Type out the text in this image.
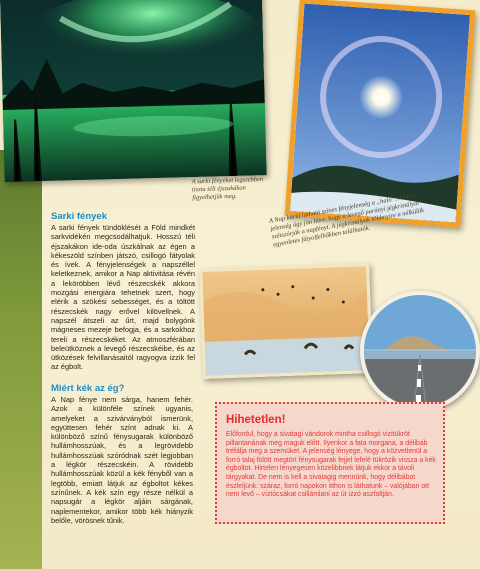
A sarki fényeket legszebben tiszta téli éjszakákon figyelhetjük meg.	A Nap körül látható színes fényjelenség a „halo”. A halo-jelenség úgy jön létre, hogy a levegő parányi jégkristályai szétszórják a napfényt. A jégkristályok többnyire a nélkülük egyenletes fátyolfelhőkben találhatók.
Sarki fények
A sarki fények tündöklését a Föld mindkét sarkvidékén megcsodálhatjuk. Hosszú téli éjszakákon ide-oda úszkálnak az égen a kékeszöld színben játszó, csillogó fátyolak és ívek. A fényjelenségek a napszéllel keletkeznek, amikor a Nap aktivitása révén a leköröbben lévő részecskék akkora mozgási energiára tehetnek szert, hogy elérik a szökési sebességet, és a töltött részecskék nagy erővel kilövellnek. A napszél átszeli az űrt, majd bolygónk mágneses mezeje befogja, és a sarkokhoz tereli a részecskéket. Az atmoszférában beleütköznek a levegő részecskéibe, és az ütközések felvillanásaitól ragyogva izzik fel az égbolt.
Miért kék az ég?
A Nap fénye nem sárga, hanem fehér. Azok a különféle színek ugyanis, amelyeket a szivárványból ismerünk, együttesen fehér színt adnak ki. A különböző színű fénysugarak különböző hullámhosszúak, és a legrövidebb hullámhosszúak szóródnak szét legjobban a légkör részecskéin. A rövidebb hullámhosszúak közül a kék fényből van a legtöbb, emiatt látjuk az égboltot kékes színűnek. A kék szín egy része nélkül a napsugár a légkör aljáin sárgának, naplementekor, amikor több kék hiányzik belőle, vörösnek tűnik.
Hihetetlen!
Előfordul, hogy a sivatagi vándorok mintha csillogó vizitükröt pillantanának meg maguk előtt. Ilyenkor a fata morgana, a délibáb tréfálja meg a szemüket. A jelenség lényege, hogy a közvetlenül a forró talaj fölött megtört fénysugarak fejjel lefelé tükrözik vissza a kék égboltot. Hirtelen lényegesen közelibbnek látjuk ekkor a távoli tárgyakat. De nem is kell a sivatagig mennünk, hogy délibábot észleljünk: száraz, forró napokon itthon is láthatunk – valójában ott nem levő – víztócsákat csillámlani az út izzó aszfaltján.
